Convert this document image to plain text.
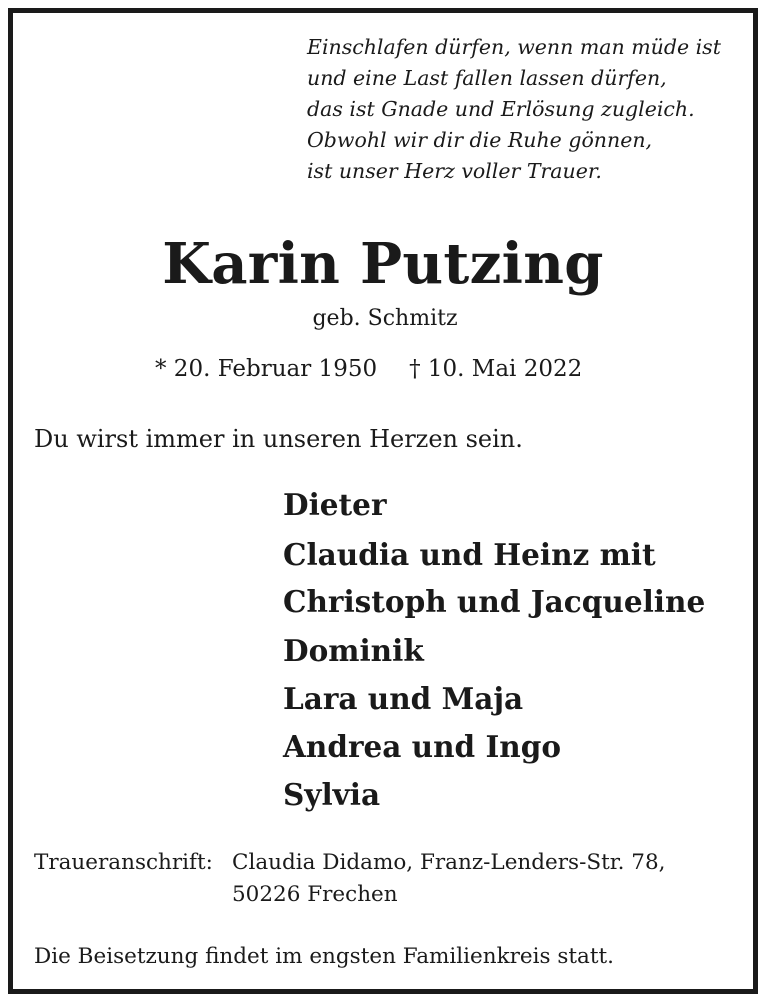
Einschlafen dürfen, wenn man müde ist
und eine Last fallen lassen dürfen,
das ist Gnade und Erlösung zugleich.
Obwohl wir dir die Ruhe gönnen,
ist unser Herz voller Trauer.
Karin Putzing
geb. Schmitz
* 20. Februar 1950 † 10. Mai 2022
Du wirst immer in unseren Herzen sein.
Dieter
Claudia und Heinz mit
Christoph und Jacqueline
Dominik
Lara und Maja
Andrea und Ingo
Sylvia
Traueranschrift: Claudia Didamo, Franz-Lenders-Str. 78,
50226 Frechen
Die Beisetzung findet im engsten Familienkreis statt.
